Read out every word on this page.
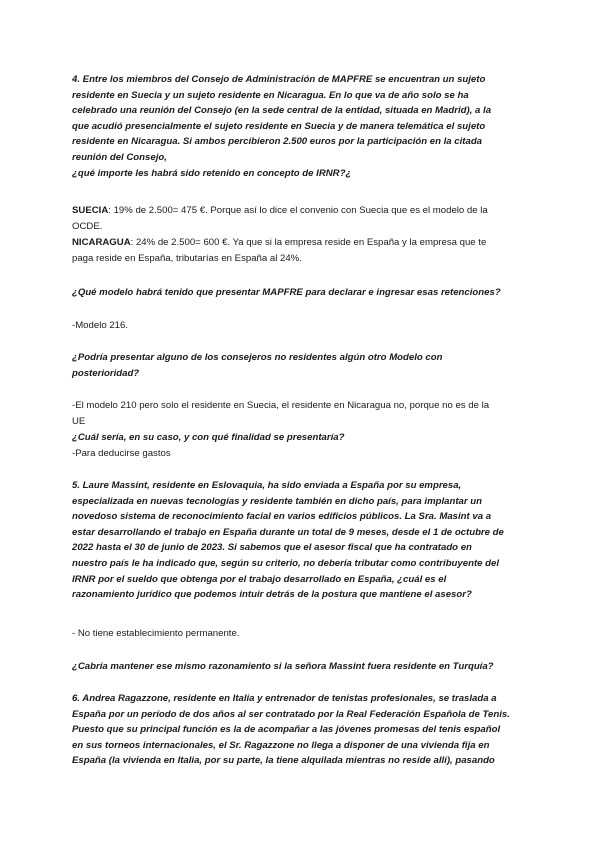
4. Entre los miembros del Consejo de Administración de MAPFRE se encuentran un sujeto
residente en Suecia y un sujeto residente en Nicaragua. En lo que va de año solo se ha
celebrado una reunión del Consejo (en la sede central de la entidad, situada en Madrid), a la
que acudió presencialmente el sujeto residente en Suecia y de manera telemática el sujeto
residente en Nicaragua. Si ambos percibieron 2.500 euros por la participación en la citada
reunión del Consejo,
¿qué importe les habrá sido retenido en concepto de IRNR?¿
SUECIA: 19% de 2.500= 475 €. Porque así lo dice el convenio con Suecia que es el modelo de la
OCDE.
NICARAGUA: 24% de 2.500= 600 €. Ya que si la empresa reside en España y la empresa que te
paga reside en España, tributarías en España al 24%.
¿Qué modelo habrá tenido que presentar MAPFRE para declarar e ingresar esas retenciones?
-Modelo 216.
¿Podría presentar alguno de los consejeros no residentes algún otro Modelo con
posterioridad?
-El modelo 210 pero solo el residente en Suecia, el residente en Nicaragua no, porque no es de la
UE
¿Cuál sería, en su caso, y con qué finalidad se presentaría?
-Para deducirse gastos
5. Laure Massint, residente en Eslovaquia, ha sido enviada a España por su empresa,
especializada en nuevas tecnologías y residente también en dicho país, para implantar un
novedoso sistema de reconocimiento facial en varios edificios públicos. La Sra. Masint va a
estar desarrollando el trabajo en España durante un total de 9 meses, desde el 1 de octubre de
2022 hasta el 30 de junio de 2023. Si sabemos que el asesor fiscal que ha contratado en
nuestro país le ha indicado que, según su criterio, no debería tributar como contribuyente del
IRNR por el sueldo que obtenga por el trabajo desarrollado en España, ¿cuál es el
razonamiento jurídico que podemos intuir detrás de la postura que mantiene el asesor?
- No tiene establecimiento permanente.
¿Cabría mantener ese mismo razonamiento si la señora Massint fuera residente en Turquía?
6. Andrea Ragazzone, residente en Italia y entrenador de tenistas profesionales, se traslada a
España por un período de dos años al ser contratado por la Real Federación Española de Tenis.
Puesto que su principal función es la de acompañar a las jóvenes promesas del tenis español
en sus torneos internacionales, el Sr. Ragazzone no llega a disponer de una vivienda fija en
España (la vivienda en Italia, por su parte, la tiene alquilada mientras no reside allí), pasando
